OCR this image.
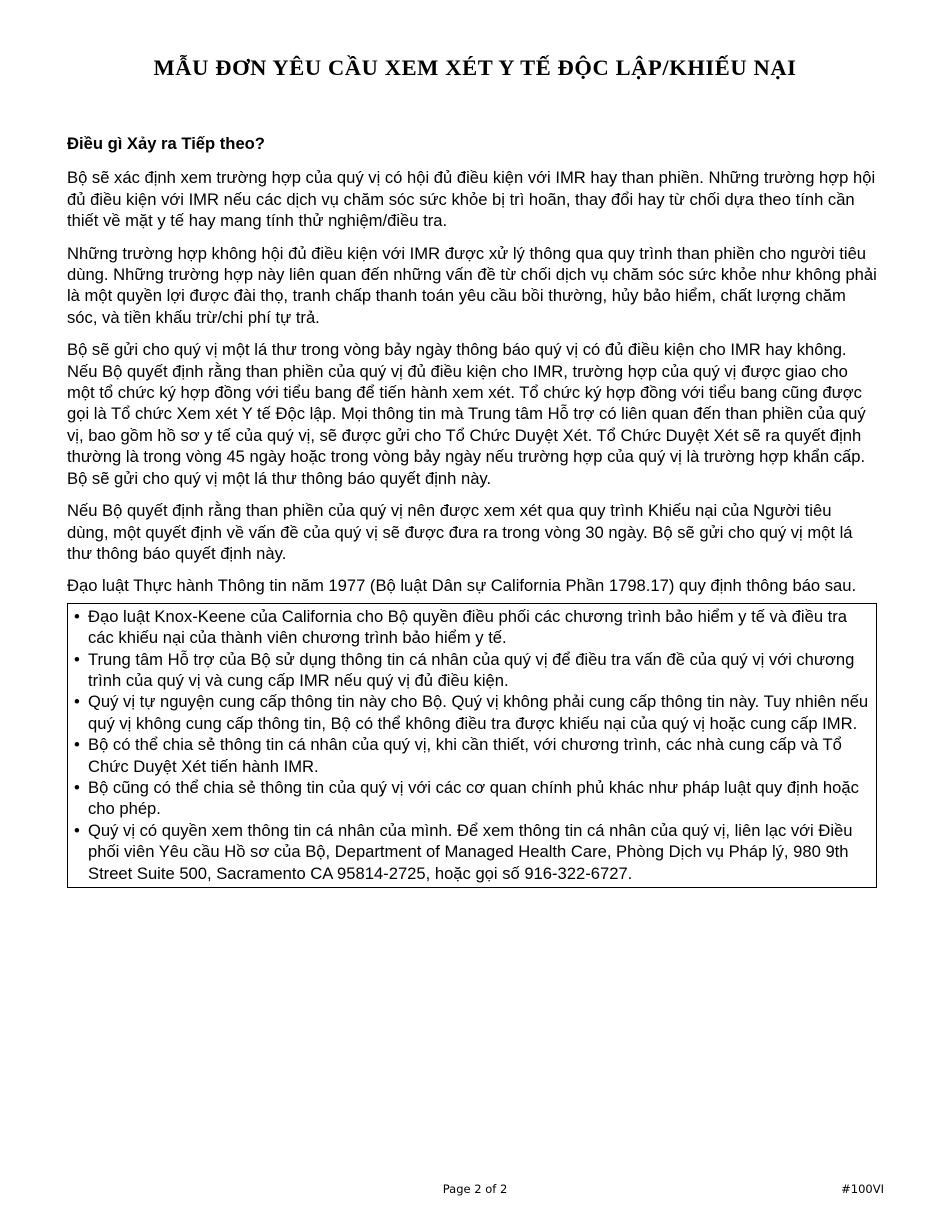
MẪU ĐƠN YÊU CẦU XEM XÉT Y TẾ ĐỘC LẬP/KHIẾU NẠI

Điều gì Xảy ra Tiếp theo?

Bộ sẽ xác định xem trường hợp của quý vị có hội đủ điều kiện với IMR hay than phiền. Những trường hợp hội đủ điều kiện với IMR nếu các dịch vụ chăm sóc sức khỏe bị trì hoãn, thay đổi hay từ chối dựa theo tính cần thiết về mặt y tế hay mang tính thử nghiệm/điều tra.

Những trường hợp không hội đủ điều kiện với IMR được xử lý thông qua quy trình than phiền cho người tiêu dùng. Những trường hợp này liên quan đến những vấn đề từ chối dịch vụ chăm sóc sức khỏe như không phải là một quyền lợi được đài thọ, tranh chấp thanh toán yêu cầu bồi thường, hủy bảo hiểm, chất lượng chăm sóc, và tiền khấu trừ/chi phí tự trả.

Bộ sẽ gửi cho quý vị một lá thư trong vòng bảy ngày thông báo quý vị có đủ điều kiện cho IMR hay không. Nếu Bộ quyết định rằng than phiền của quý vị đủ điều kiện cho IMR, trường hợp của quý vị được giao cho một tổ chức ký hợp đồng với tiểu bang để tiến hành xem xét. Tổ chức ký hợp đồng với tiểu bang cũng được gọi là Tổ chức Xem xét Y tế Độc lập. Mọi thông tin mà Trung tâm Hỗ trợ có liên quan đến than phiền của quý vị, bao gồm hồ sơ y tế của quý vị, sẽ được gửi cho Tổ Chức Duyệt Xét. Tổ Chức Duyệt Xét sẽ ra quyết định thường là trong vòng 45 ngày hoặc trong vòng bảy ngày nếu trường hợp của quý vị là trường hợp khẩn cấp. Bộ sẽ gửi cho quý vị một lá thư thông báo quyết định này.

Nếu Bộ quyết định rằng than phiền của quý vị nên được xem xét qua quy trình Khiếu nại của Người tiêu dùng, một quyết định về vấn đề của quý vị sẽ được đưa ra trong vòng 30 ngày. Bộ sẽ gửi cho quý vị một lá thư thông báo quyết định này.

Đạo luật Thực hành Thông tin năm 1977 (Bộ luật Dân sự California Phần 1798.17) quy định thông báo sau.

• Đạo luật Knox-Keene của California cho Bộ quyền điều phối các chương trình bảo hiểm y tế và điều tra các khiếu nại của thành viên chương trình bảo hiểm y tế.
• Trung tâm Hỗ trợ của Bộ sử dụng thông tin cá nhân của quý vị để điều tra vấn đề của quý vị với chương trình của quý vị và cung cấp IMR nếu quý vị đủ điều kiện.
• Quý vị tự nguyện cung cấp thông tin này cho Bộ. Quý vị không phải cung cấp thông tin này. Tuy nhiên nếu quý vị không cung cấp thông tin, Bộ có thể không điều tra được khiếu nại của quý vị hoặc cung cấp IMR.
• Bộ có thể chia sẻ thông tin cá nhân của quý vị, khi cần thiết, với chương trình, các nhà cung cấp và Tổ Chức Duyệt Xét tiến hành IMR.
• Bộ cũng có thể chia sẻ thông tin của quý vị với các cơ quan chính phủ khác như pháp luật quy định hoặc cho phép.
• Quý vị có quyền xem thông tin cá nhân của mình. Để xem thông tin cá nhân của quý vị, liên lạc với Điều phối viên Yêu cầu Hồ sơ của Bộ, Department of Managed Health Care, Phòng Dịch vụ Pháp lý, 980 9th Street Suite 500, Sacramento CA 95814-2725, hoặc gọi số 916-322-6727.
Page 2 of 2	#100VI
